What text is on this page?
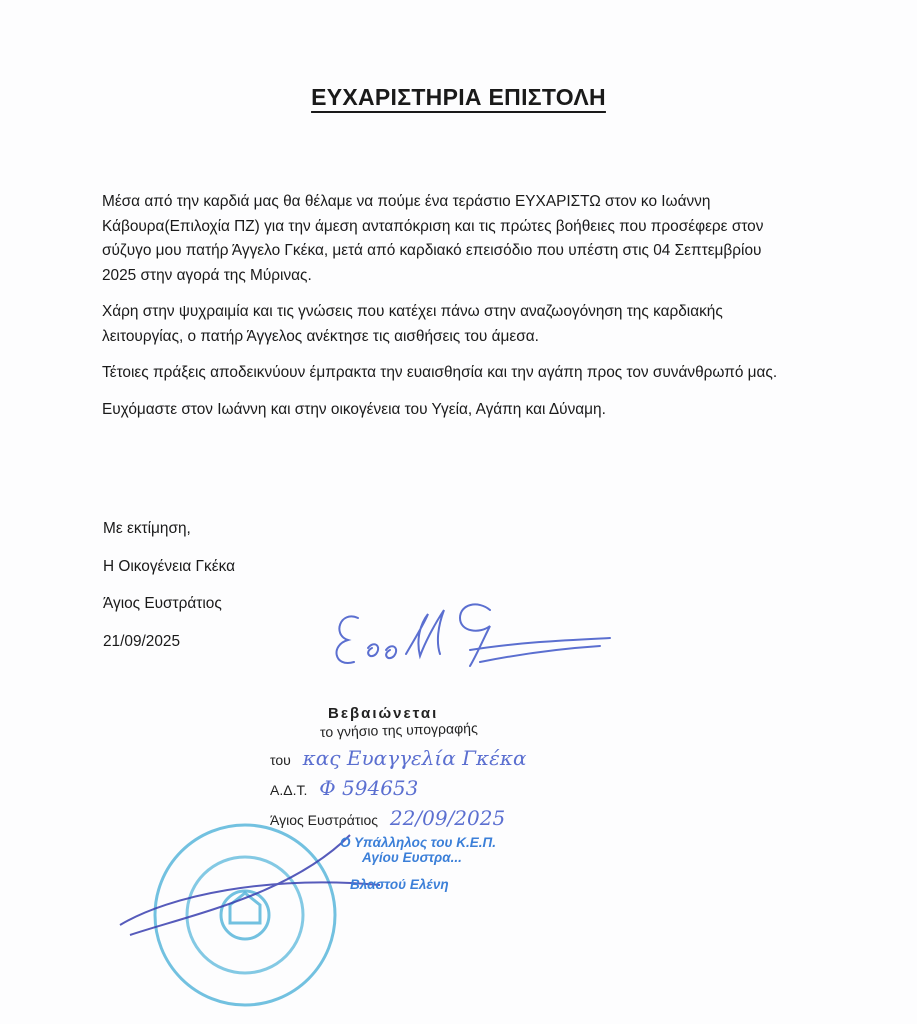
ΕΥΧΑΡΙΣΤΗΡΙΑ ΕΠΙΣΤΟΛΗ

Μέσα από την καρδιά μας θα θέλαμε να πούμε ένα τεράστιο ΕΥΧΑΡΙΣΤΩ στον κο Ιωάννη Κάβουρα(Επιλοχία ΠΖ) για την άμεση ανταπόκριση και τις πρώτες βοήθειες που προσέφερε στον σύζυγο μου πατήρ Άγγελο Γκέκα, μετά από καρδιακό επεισόδιο που υπέστη στις 04 Σεπτεμβρίου 2025 στην αγορά της Μύρινας.

Χάρη στην ψυχραιμία και τις γνώσεις που κατέχει πάνω στην αναζωογόνηση της καρδιακής λειτουργίας, ο πατήρ Άγγελος ανέκτησε τις αισθήσεις του άμεσα.

Τέτοιες πράξεις αποδεικνύουν έμπρακτα την ευαισθησία και την αγάπη προς τον συνάνθρωπό μας.

Ευχόμαστε στον Ιωάννη και στην οικογένεια του Υγεία, Αγάπη και Δύναμη.

Με εκτίμηση,
Η Οικογένεια Γκέκα
Άγιος Ευστράτιος
21/09/2025
Βεβαιώνεται
το γνήσιο της υπογραφής
του κας Ευαγγελία Γκέκα
Α.Δ.Τ. Φ 594653
Άγιος Ευστράτιος 22/09/2025
Ο Υπάλληλος του Κ.Ε.Π.
Αγίου Ευστρα...
Βλαστού Ελένη
